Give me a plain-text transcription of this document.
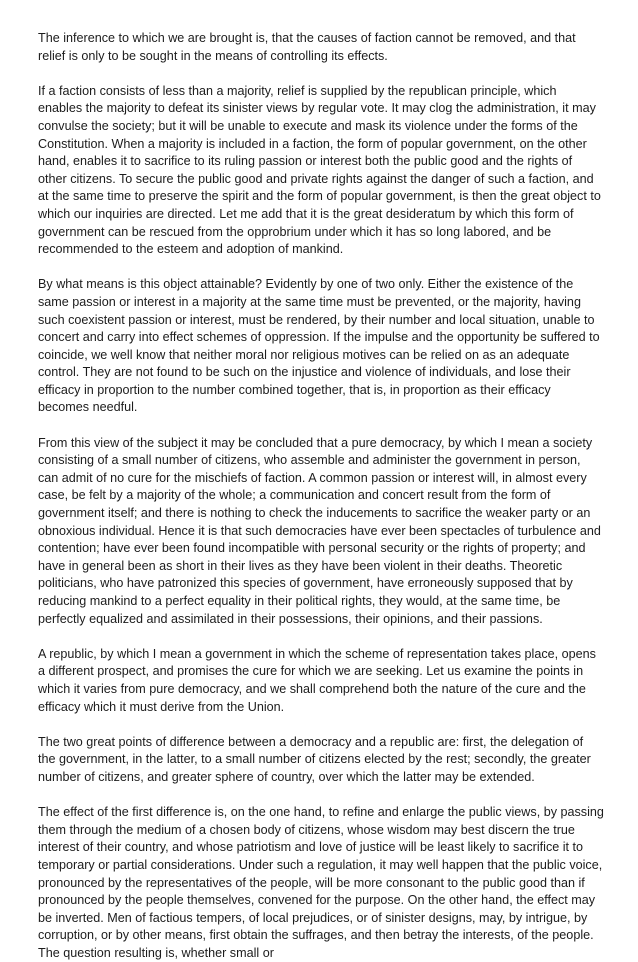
The inference to which we are brought is, that the causes of faction cannot be removed, and that relief is only to be sought in the means of controlling its effects.

If a faction consists of less than a majority, relief is supplied by the republican principle, which enables the majority to defeat its sinister views by regular vote. It may clog the administration, it may convulse the society; but it will be unable to execute and mask its violence under the forms of the Constitution. When a majority is included in a faction, the form of popular government, on the other hand, enables it to sacrifice to its ruling passion or interest both the public good and the rights of other citizens. To secure the public good and private rights against the danger of such a faction, and at the same time to preserve the spirit and the form of popular government, is then the great object to which our inquiries are directed. Let me add that it is the great desideratum by which this form of government can be rescued from the opprobrium under which it has so long labored, and be recommended to the esteem and adoption of mankind.

By what means is this object attainable? Evidently by one of two only. Either the existence of the same passion or interest in a majority at the same time must be prevented, or the majority, having such coexistent passion or interest, must be rendered, by their number and local situation, unable to concert and carry into effect schemes of oppression. If the impulse and the opportunity be suffered to coincide, we well know that neither moral nor religious motives can be relied on as an adequate control. They are not found to be such on the injustice and violence of individuals, and lose their efficacy in proportion to the number combined together, that is, in proportion as their efficacy becomes needful.

From this view of the subject it may be concluded that a pure democracy, by which I mean a society consisting of a small number of citizens, who assemble and administer the government in person, can admit of no cure for the mischiefs of faction. A common passion or interest will, in almost every case, be felt by a majority of the whole; a communication and concert result from the form of government itself; and there is nothing to check the inducements to sacrifice the weaker party or an obnoxious individual. Hence it is that such democracies have ever been spectacles of turbulence and contention; have ever been found incompatible with personal security or the rights of property; and have in general been as short in their lives as they have been violent in their deaths. Theoretic politicians, who have patronized this species of government, have erroneously supposed that by reducing mankind to a perfect equality in their political rights, they would, at the same time, be perfectly equalized and assimilated in their possessions, their opinions, and their passions.

A republic, by which I mean a government in which the scheme of representation takes place, opens a different prospect, and promises the cure for which we are seeking. Let us examine the points in which it varies from pure democracy, and we shall comprehend both the nature of the cure and the efficacy which it must derive from the Union.

The two great points of difference between a democracy and a republic are: first, the delegation of the government, in the latter, to a small number of citizens elected by the rest; secondly, the greater number of citizens, and greater sphere of country, over which the latter may be extended.

The effect of the first difference is, on the one hand, to refine and enlarge the public views, by passing them through the medium of a chosen body of citizens, whose wisdom may best discern the true interest of their country, and whose patriotism and love of justice will be least likely to sacrifice it to temporary or partial considerations. Under such a regulation, it may well happen that the public voice, pronounced by the representatives of the people, will be more consonant to the public good than if pronounced by the people themselves, convened for the purpose. On the other hand, the effect may be inverted. Men of factious tempers, of local prejudices, or of sinister designs, may, by intrigue, by corruption, or by other means, first obtain the suffrages, and then betray the interests, of the people. The question resulting is, whether small or
